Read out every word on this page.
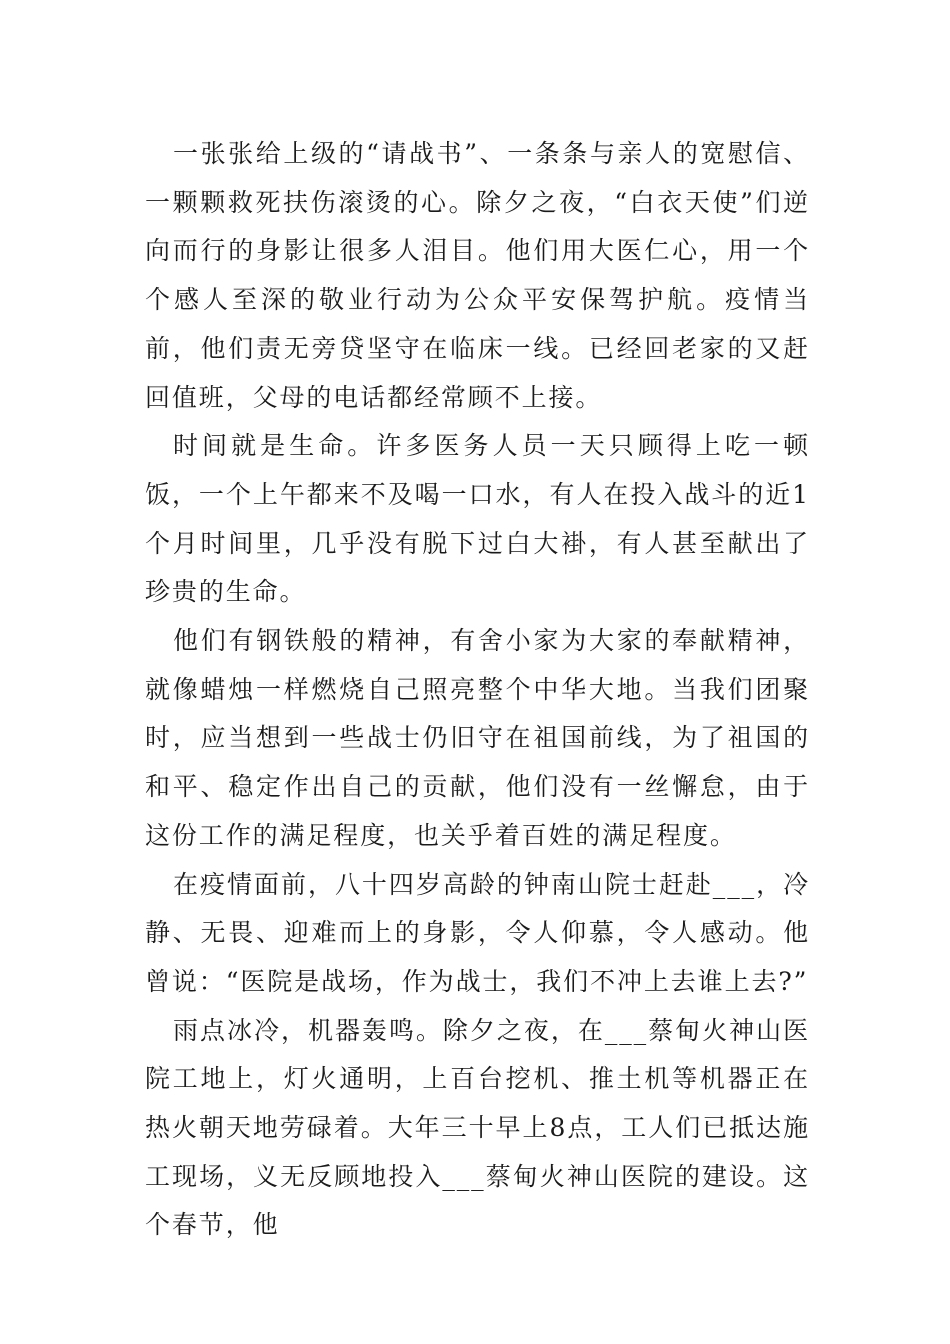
一张张给上级的“请战书”、一条条与亲人的宽慰信、一颗颗救死扶伤滚烫的心。除夕之夜，“白衣天使”们逆向而行的身影让很多人泪目。他们用大医仁心，用一个个感人至深的敬业行动为公众平安保驾护航。疫情当前，他们责无旁贷坚守在临床一线。已经回老家的又赶回值班，父母的电话都经常顾不上接。

时间就是生命。许多医务人员一天只顾得上吃一顿饭，一个上午都来不及喝一口水，有人在投入战斗的近1个月时间里，几乎没有脱下过白大褂，有人甚至献出了珍贵的生命。

他们有钢铁般的精神，有舍小家为大家的奉献精神，就像蜡烛一样燃烧自己照亮整个中华大地。当我们团聚时，应当想到一些战士仍旧守在祖国前线，为了祖国的和平、稳定作出自己的贡献，他们没有一丝懈怠，由于这份工作的满足程度，也关乎着百姓的满足程度。

在疫情面前，八十四岁高龄的钟南山院士赶赴___，冷静、无畏、迎难而上的身影，令人仰慕，令人感动。他曾说：“医院是战场，作为战士，我们不冲上去谁上去?”

雨点冰冷，机器轰鸣。除夕之夜，在___蔡甸火神山医院工地上，灯火通明，上百台挖机、推土机等机器正在热火朝天地劳碌着。大年三十早上8点，工人们已抵达施工现场，义无反顾地投入___蔡甸火神山医院的建设。这个春节，他
